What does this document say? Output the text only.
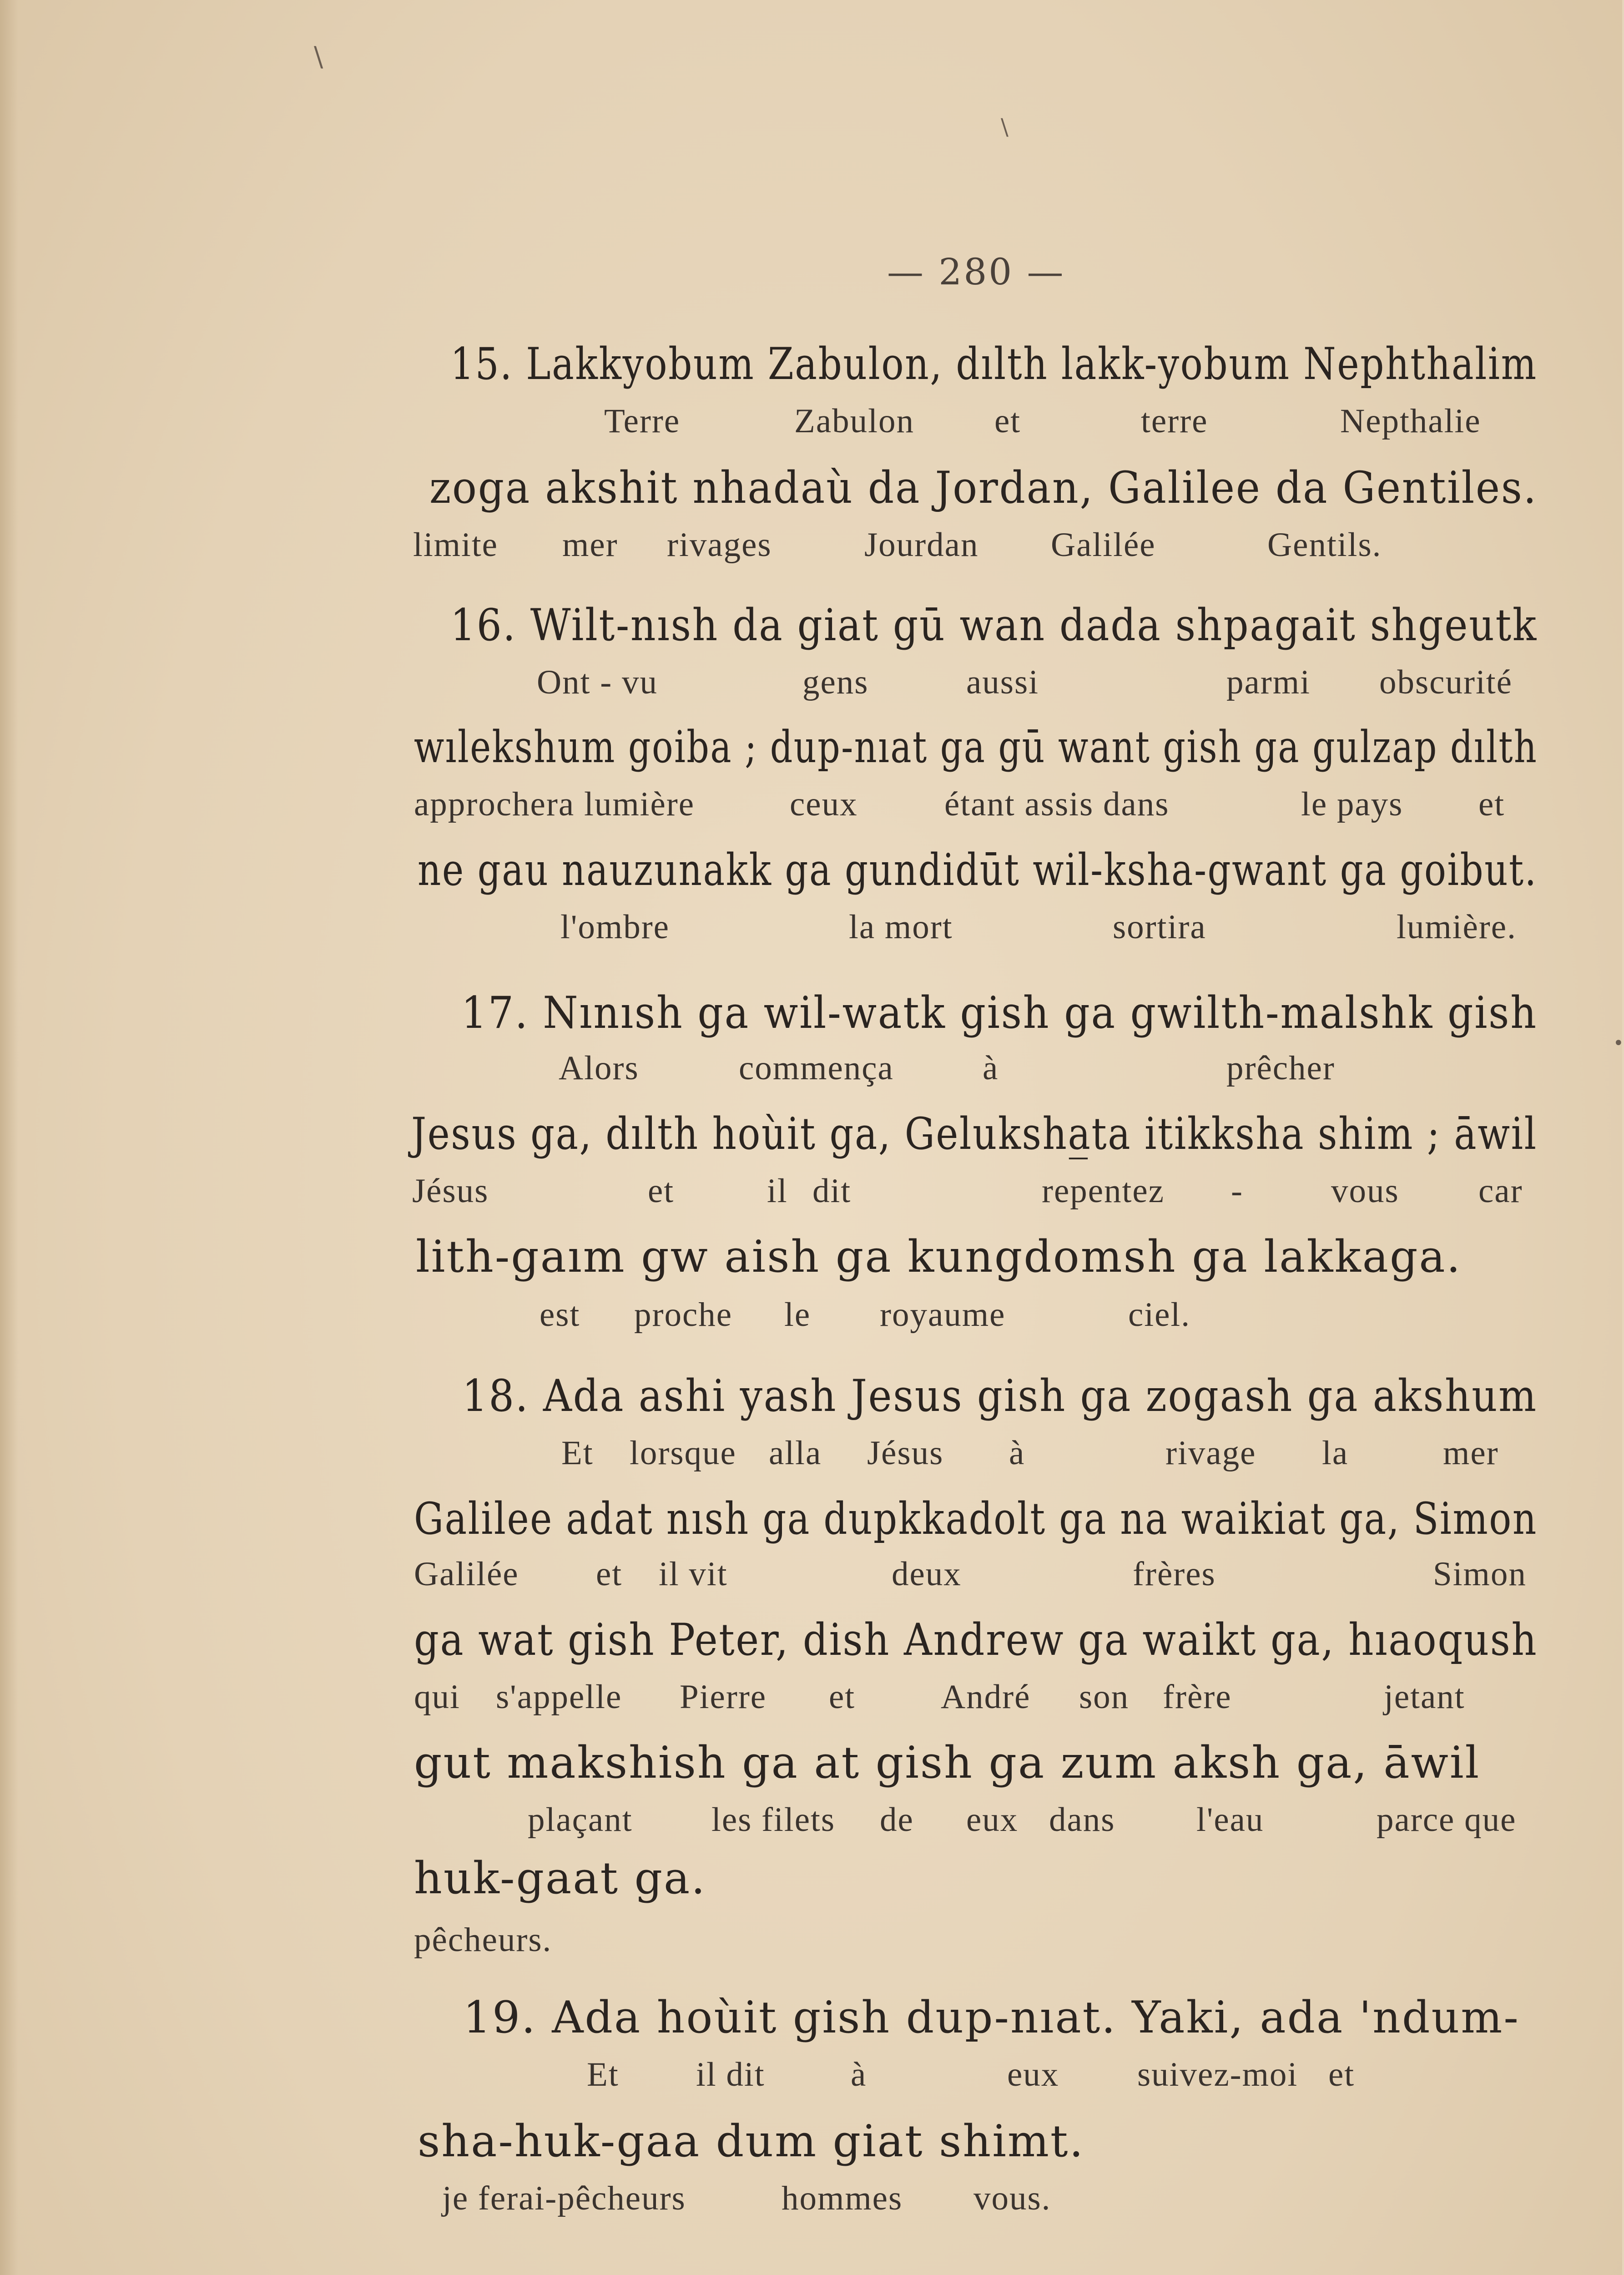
— 280 —
15. Lakkyobum Zabulon, dılth lakk-yobum Nephthalim
Terre	Zabulon et	terre	Nepthalie
zoga akshit nhadaù da Jordan, Galilee da Gentiles.
limite mer rivages	Jourdan Galilée	Gentils.
16. Wilt-nısh da giat gū wan dada shpagait shgeutk
Ont - vu	gens	aussi	parmi obscurité
wılekshum goiba ; dup-nıat ga gū want gish ga gulzap dılth
approchera lumière	ceux	étant assis dans	le pays et
ne gau nauzunakk ga gundidūt wil-ksha-gwant ga goibut.
l'ombre	la mort	sortira	lumière.
17. Nınısh ga wil-watk gish ga gwilth-malshk gish
Alors	commença	à	prêcher
Jesus ga, dılth hoùit ga, Geluksha̲ta itikksha shim ; āwil
Jésus	et	il dit	repentez -	vous car
lith-gaım gw aish ga kungdomsh ga lakkaga.
est proche le royaume	ciel.
18. Ada ashi yash Jesus gish ga zogash ga akshum
Et lorsque alla Jésus à	rivage la	mer
Galilee adat nısh ga dupkkadolt ga na waikiat ga, Simon
Galilée et il vit	deux	frères	Simon
ga wat gish Peter, dish Andrew ga waikt ga, hıaoqush
qui s'appelle Pierre et	André son frère	jetant
gut makshish ga at gish ga zum aksh ga, āwil
plaçant les filets de eux dans l'eau	parce que
huk-gaat ga.
pêcheurs.
19. Ada hoùit gish dup-nıat. Yaki, ada 'ndum-
Et il dit	à	eux suivez-moi et
sha-huk-gaa dum giat shimt.
je ferai-pêcheurs	hommes vous.
\
\
•
